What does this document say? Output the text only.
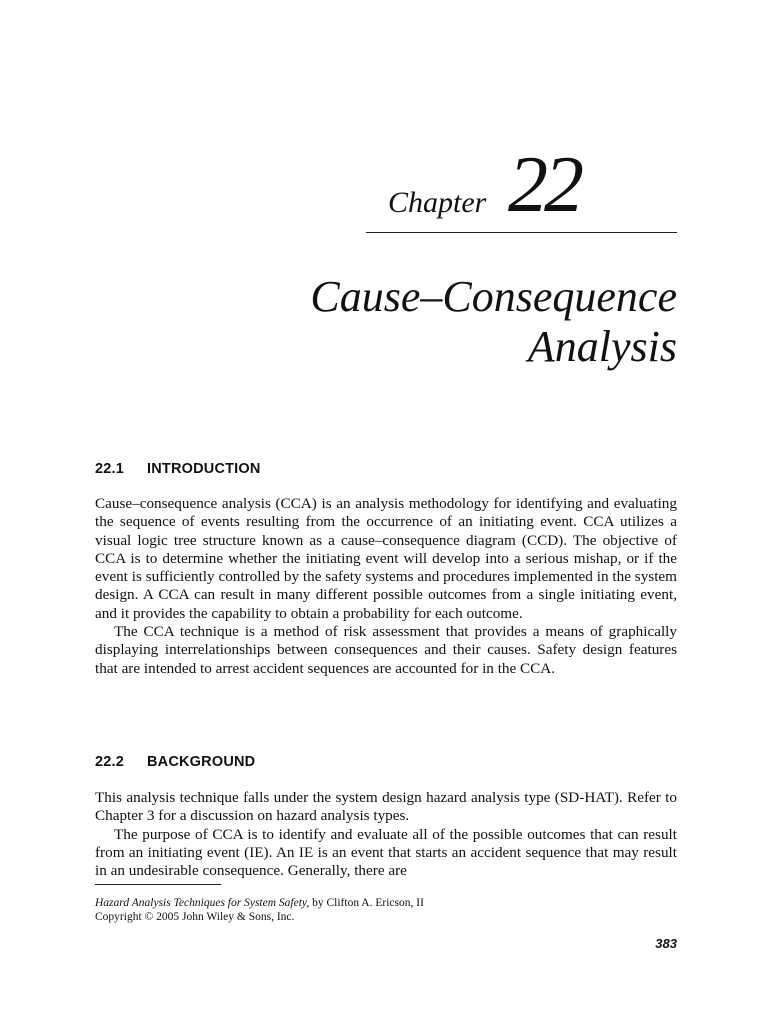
Chapter 22
Cause–Consequence
Analysis
22.1 INTRODUCTION

Cause–consequence analysis (CCA) is an analysis methodology for identifying and evaluating the sequence of events resulting from the occurrence of an initiating event. CCA utilizes a visual logic tree structure known as a cause–consequence diagram (CCD). The objective of CCA is to determine whether the initiating event will develop into a serious mishap, or if the event is sufficiently controlled by the safety systems and procedures implemented in the system design. A CCA can result in many different possible outcomes from a single initiating event, and it provides the capability to obtain a probability for each outcome.

The CCA technique is a method of risk assessment that provides a means of graphically displaying interrelationships between consequences and their causes. Safety design features that are intended to arrest accident sequences are accounted for in the CCA.

22.2 BACKGROUND

This analysis technique falls under the system design hazard analysis type (SD-HAT). Refer to Chapter 3 for a discussion on hazard analysis types.

The purpose of CCA is to identify and evaluate all of the possible outcomes that can result from an initiating event (IE). An IE is an event that starts an accident sequence that may result in an undesirable consequence. Generally, there are

Hazard Analysis Techniques for System Safety, by Clifton A. Ericson, II
Copyright © 2005 John Wiley & Sons, Inc.
383
